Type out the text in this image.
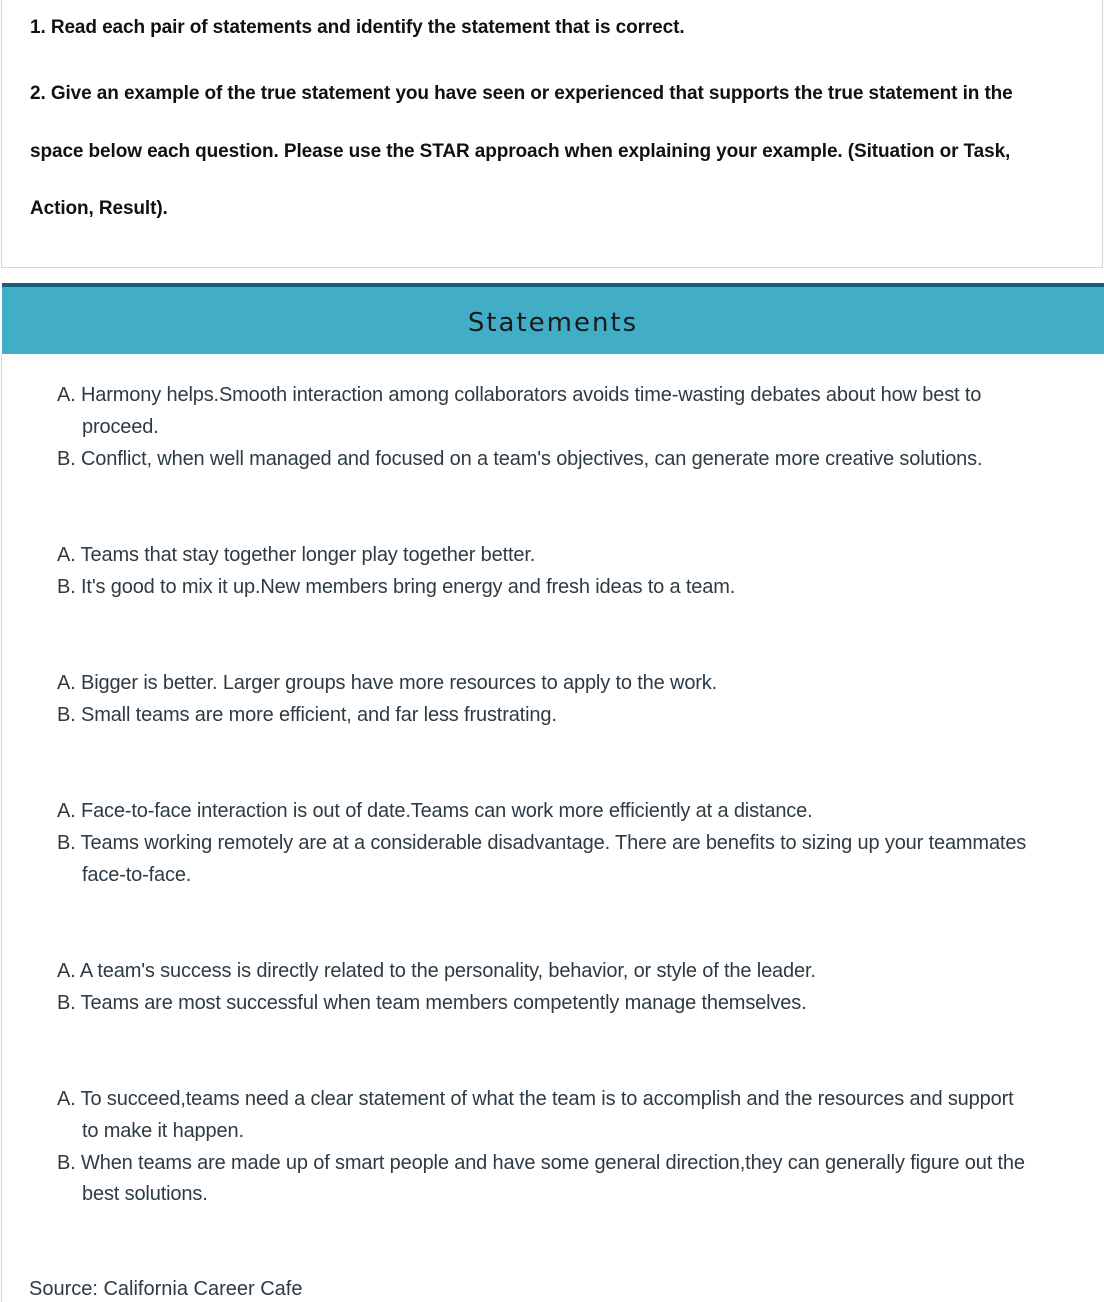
1. Read each pair of statements and identify the statement that is correct.
2. Give an example of the true statement you have seen or experienced that supports the true statement in the
space below each question. Please use the STAR approach when explaining your example. (Situation or Task,
Action, Result).
Statements
A. Harmony helps.Smooth interaction among collaborators avoids time-wasting debates about how best to
proceed.
B. Conflict, when well managed and focused on a team's objectives, can generate more creative solutions.
A. Teams that stay together longer play together better.
B. It's good to mix it up.New members bring energy and fresh ideas to a team.
A. Bigger is better. Larger groups have more resources to apply to the work.
B. Small teams are more efficient, and far less frustrating.
A. Face-to-face interaction is out of date.Teams can work more efficiently at a distance.
B. Teams working remotely are at a considerable disadvantage. There are benefits to sizing up your teammates
face-to-face.
A. A team's success is directly related to the personality, behavior, or style of the leader.
B. Teams are most successful when team members competently manage themselves.
A. To succeed,teams need a clear statement of what the team is to accomplish and the resources and support
to make it happen.
B. When teams are made up of smart people and have some general direction,they can generally figure out the
best solutions.
Source: California Career Cafe
